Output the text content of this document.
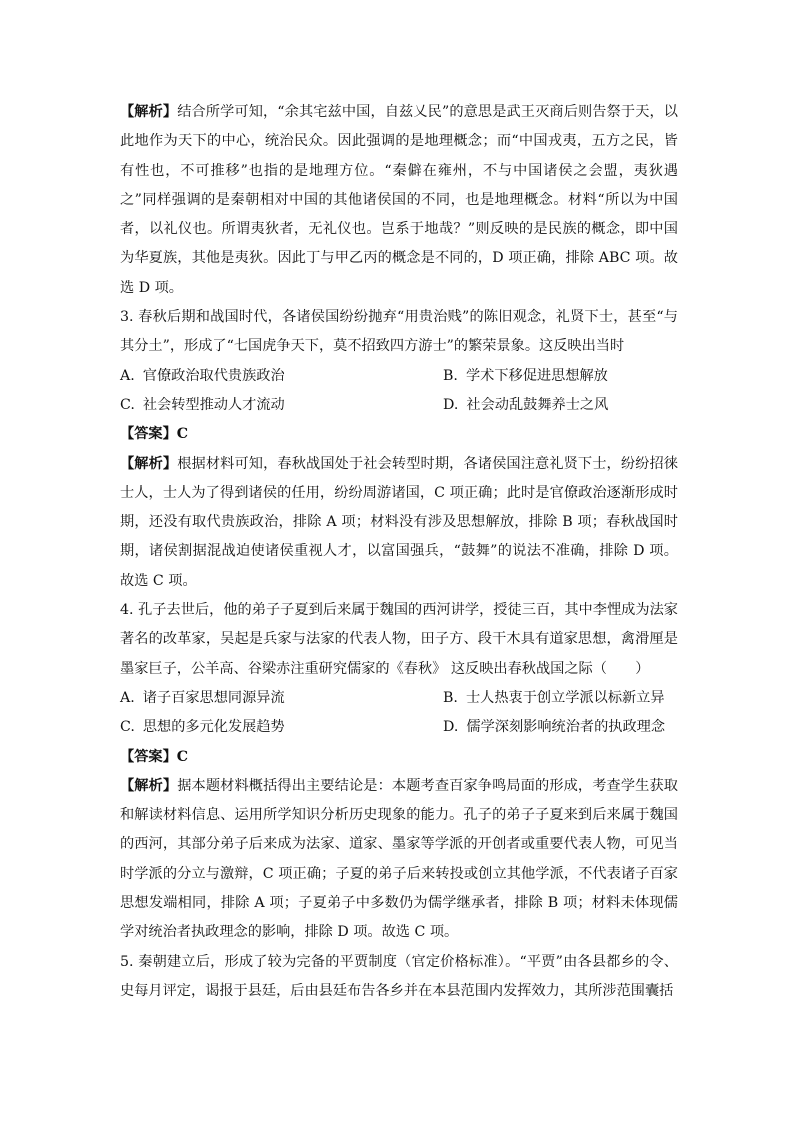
【解析】结合所学可知，“余其宅兹中国，自兹乂民”的意思是武王灭商后则告祭于天，以此地作为天下的中心，统治民众。因此强调的是地理概念；而“中国戎夷，五方之民，皆有性也，不可推移”也指的是地理方位。“秦僻在雍州，不与中国诸侯之会盟，夷狄遇之”同样强调的是秦朝相对中国的其他诸侯国的不同，也是地理概念。材料“所以为中国者，以礼仪也。所谓夷狄者，无礼仪也。岂系于地哉？”则反映的是民族的概念，即中国为华夏族，其他是夷狄。因此丁与甲乙丙的概念是不同的，D 项正确，排除 ABC 项。故选 D 项。

3. 春秋后期和战国时代，各诸侯国纷纷抛弃“用贵治贱”的陈旧观念，礼贤下士，甚至“与其分土”，形成了“七国虎争天下，莫不招致四方游士”的繁荣景象。这反映出当时

A. 官僚政治取代贵族政治	B. 学术下移促进思想解放
C. 社会转型推动人才流动	D. 社会动乱鼓舞养士之风

【答案】C

【解析】根据材料可知，春秋战国处于社会转型时期，各诸侯国注意礼贤下士，纷纷招徕士人，士人为了得到诸侯的任用，纷纷周游诸国，C 项正确；此时是官僚政治逐渐形成时期，还没有取代贵族政治，排除 A 项；材料没有涉及思想解放，排除 B 项；春秋战国时期，诸侯割据混战迫使诸侯重视人才，以富国强兵，“鼓舞”的说法不准确，排除 D 项。故选 C 项。

4. 孔子去世后，他的弟子子夏到后来属于魏国的西河讲学，授徒三百，其中李悝成为法家著名的改革家，吴起是兵家与法家的代表人物，田子方、段干木具有道家思想，禽滑厘是墨家巨子，公羊高、谷梁赤注重研究儒家的《春秋》 这反映出春秋战国之际（　　）

A. 诸子百家思想同源异流	B. 士人热衷于创立学派以标新立异
C. 思想的多元化发展趋势	D. 儒学深刻影响统治者的执政理念

【答案】C

【解析】据本题材料概括得出主要结论是：本题考查百家争鸣局面的形成，考查学生获取和解读材料信息、运用所学知识分析历史现象的能力。孔子的弟子子夏来到后来属于魏国的西河，其部分弟子后来成为法家、道家、墨家等学派的开创者或重要代表人物，可见当时学派的分立与激辩，C 项正确；子夏的弟子后来转投或创立其他学派，不代表诸子百家思想发端相同，排除 A 项；子夏弟子中多数仍为儒学继承者，排除 B 项；材料未体现儒学对统治者执政理念的影响，排除 D 项。故选 C 项。

5. 秦朝建立后，形成了较为完备的平贾制度（官定价格标准）。“平贾”由各县都乡的令、史每月评定，谒报于县廷，后由县廷布告各乡并在本县范围内发挥效力，其所涉范围囊括
